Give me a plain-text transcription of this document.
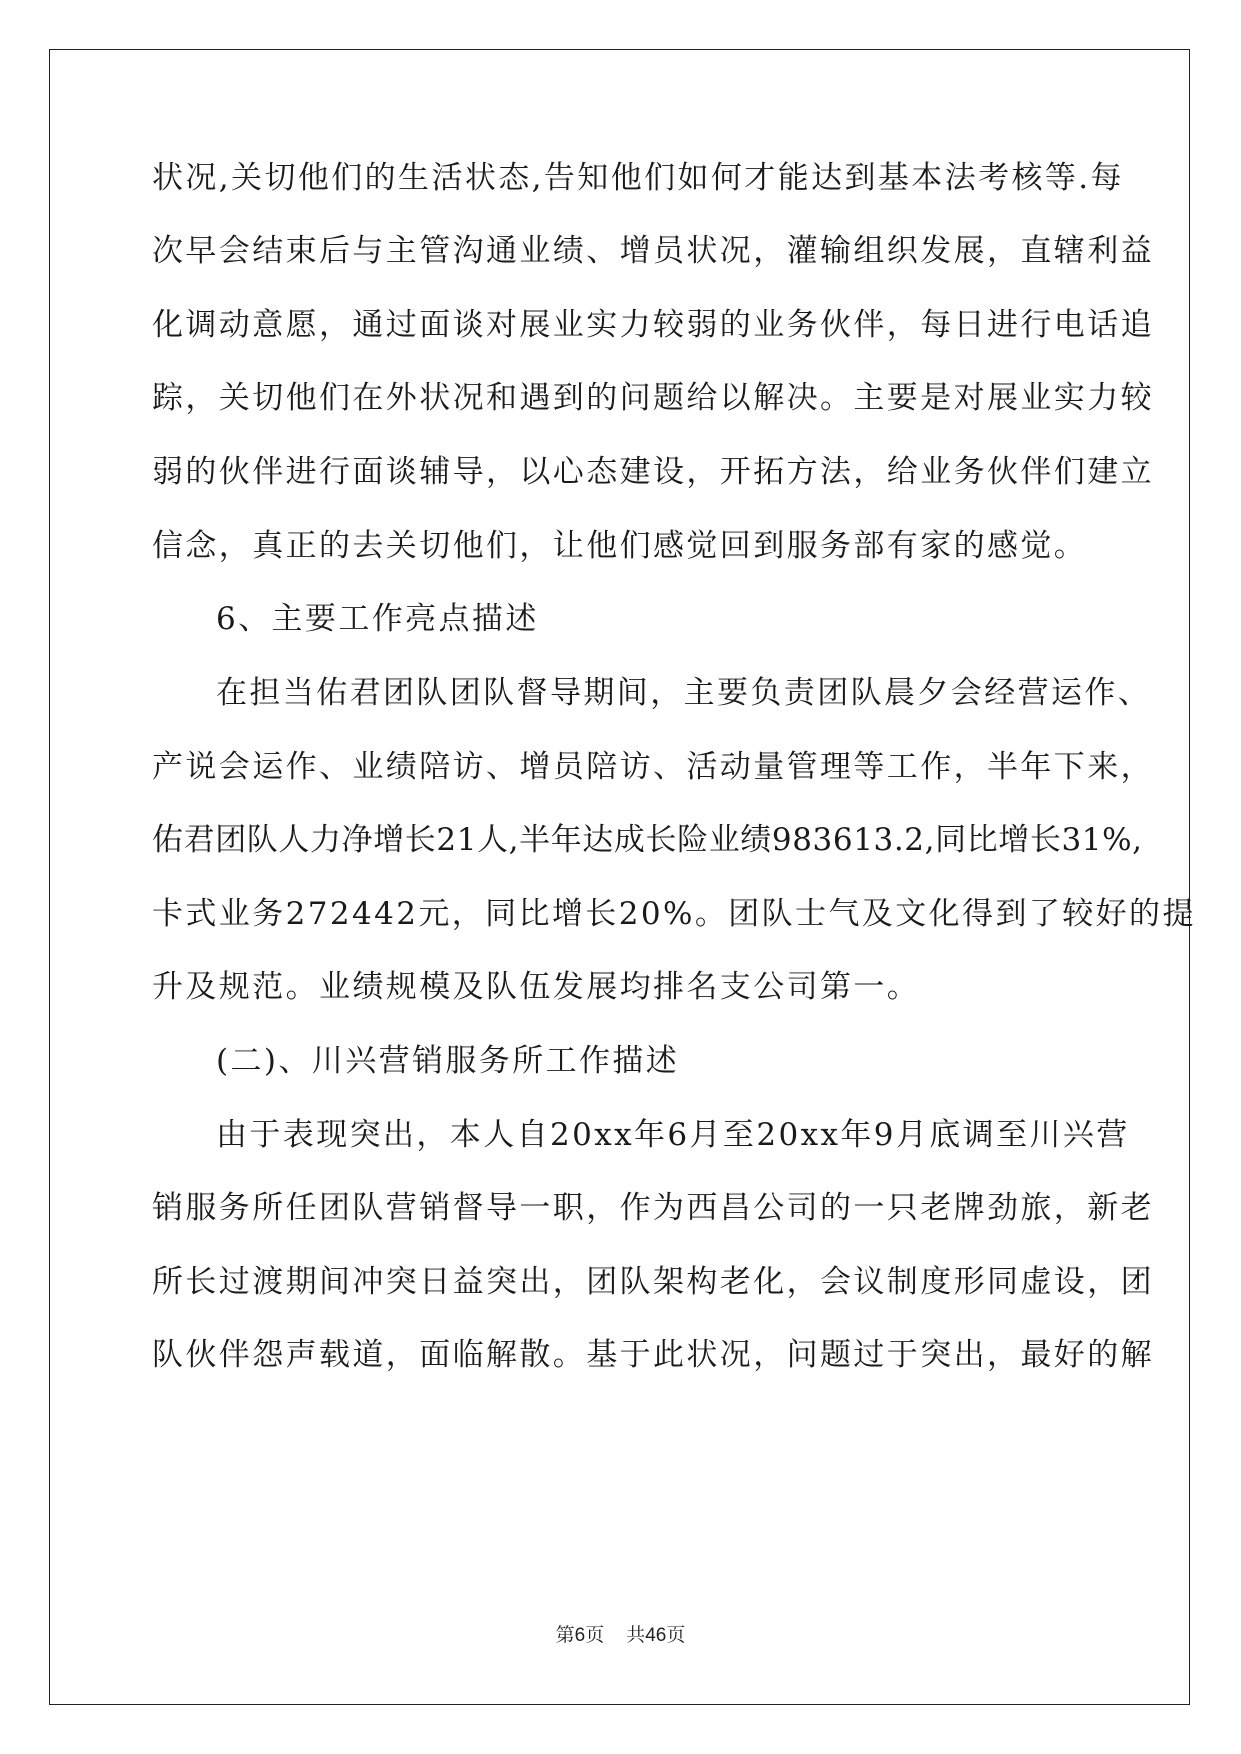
状况,关切他们的生活状态,告知他们如何才能达到基本法考核等.每
次早会结束后与主管沟通业绩、增员状况，灌输组织发展，直辖利益
化调动意愿，通过面谈对展业实力较弱的业务伙伴，每日进行电话追
踪，关切他们在外状况和遇到的问题给以解决。主要是对展业实力较
弱的伙伴进行面谈辅导，以心态建设，开拓方法，给业务伙伴们建立
信念，真正的去关切他们，让他们感觉回到服务部有家的感觉。
6、主要工作亮点描述
在担当佑君团队团队督导期间，主要负责团队晨夕会经营运作、
产说会运作、业绩陪访、增员陪访、活动量管理等工作，半年下来，
佑君团队人力净增长21人,半年达成长险业绩983613.2,同比增长31%,
卡式业务272442元，同比增长20%。团队士气及文化得到了较好的提
升及规范。业绩规模及队伍发展均排名支公司第一。
(二)、川兴营销服务所工作描述
由于表现突出，本人自20xx年6月至20xx年9月底调至川兴营
销服务所任团队营销督导一职，作为西昌公司的一只老牌劲旅，新老
所长过渡期间冲突日益突出，团队架构老化，会议制度形同虚设，团
队伙伴怨声载道，面临解散。基于此状况，问题过于突出，最好的解
第6页 共46页
